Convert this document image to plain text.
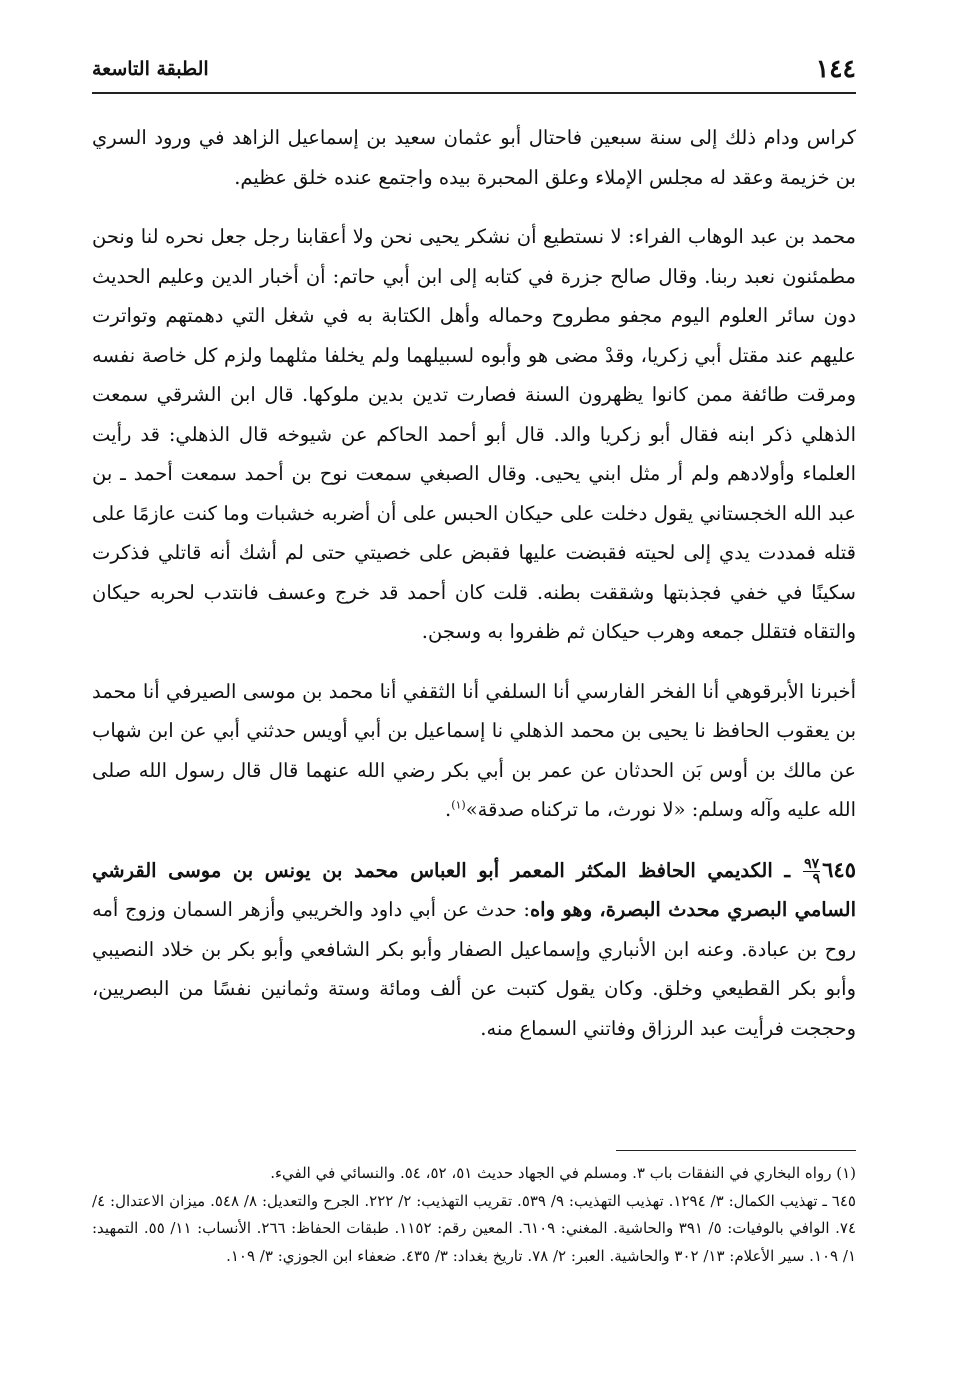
١٤٤
الطبقة التاسعة

كراس ودام ذلك إلى سنة سبعين فاحتال أبو عثمان سعيد بن إسماعيل الزاهد في ورود السري بن خزيمة وعقد له مجلس الإملاء وعلق المحبرة بيده واجتمع عنده خلق عظيم.

محمد بن عبد الوهاب الفراء: لا نستطيع أن نشكر يحيى نحن ولا أعقابنا رجل جعل نحره لنا ونحن مطمئنون نعبد ربنا. وقال صالح جزرة في كتابه إلى ابن أبي حاتم: أن أخبار الدين وعليم الحديث دون سائر العلوم اليوم مجفو مطروح وحماله وأهل الكتابة به في شغل التي دهمتهم وتواترت عليهم عند مقتل أبي زكريا، وقدْ مضى هو وأبوه لسبيلهما ولم يخلفا مثلهما ولزم كل خاصة نفسه ومرقت طائفة ممن كانوا يظهرون السنة فصارت تدين بدين ملوكها. قال ابن الشرقي سمعت الذهلي ذكر ابنه فقال أبو زكريا والد. قال أبو أحمد الحاكم عن شيوخه قال الذهلي: قد رأيت العلماء وأولادهم ولم أر مثل ابني يحيى. وقال الصبغي سمعت نوح بن أحمد سمعت أحمد ـ بن عبد الله الخجستاني يقول دخلت على حيكان الحبس على أن أضربه خشبات وما كنت عازمًا على قتله فمددت يدي إلى لحيته فقبضت عليها فقبض على خصيتي حتى لم أشك أنه قاتلي فذكرت سكينًا في خفي فجذبتها وشققت بطنه. قلت كان أحمد قد خرج وعسف فانتدب لحربه حيكان والتقاه فتقلل جمعه وهرب حيكان ثم ظفروا به وسجن.

أخبرنا الأبرقوهي أنا الفخر الفارسي أنا السلفي أنا الثقفي أنا محمد بن موسى الصيرفي أنا محمد بن يعقوب الحافظ نا يحيى بن محمد الذهلي نا إسماعيل بن أبي أويس حدثني أبي عن ابن شهاب عن مالك بن أوس بَن الحدثان عن عمر بن أبي بكر رضي الله عنهما قال قال رسول الله صلى الله عليه وآله وسلم: «لا نورث، ما تركناه صدقة»$^{(١)}$.

٦٤٥
$\frac{٩٧}{٩}$
ـ الكديمي الحافظ المكثر المعمر أبو العباس محمد بن يونس بن موسى القرشي السامي البصري محدث البصرة، وهو واه: حدث عن أبي داود والخريبي وأزهر السمان وزوج أمه روح بن عبادة. وعنه ابن الأنباري وإسماعيل الصفار وأبو بكر الشافعي وأبو بكر بن خلاد النصيبي وأبو بكر القطيعي وخلق. وكان يقول كتبت عن ألف ومائة وستة وثمانين نفسًا من البصريين، وحججت فرأيت عبد الرزاق وفاتني السماع منه.

(١) رواه البخاري في النفقات باب ٣. ومسلم في الجهاد حديث ٥١، ٥٢، ٥٤. والنسائي في الفيء.

٦٤٥ ـ تهذيب الكمال: ٣/ ١٢٩٤. تهذيب التهذيب: ٩/ ٥٣٩. تقريب التهذيب: ٢/ ٢٢٢. الجرح والتعديل: ٨/ ٥٤٨. ميزان الاعتدال: ٤/ ٧٤. الوافي بالوفيات: ٥/ ٣٩١ والحاشية. المغني: ٦١٠٩. المعين رقم: ١١٥٢. طبقات الحفاظ: ٢٦٦. الأنساب: ١١/ ٥٥. التمهيد: ١/ ١٠٩. سير الأعلام: ١٣/ ٣٠٢ والحاشية. العبر: ٢/ ٧٨. تاريخ بغداد: ٣/ ٤٣٥. ضعفاء ابن الجوزي: ٣/ ١٠٩.
